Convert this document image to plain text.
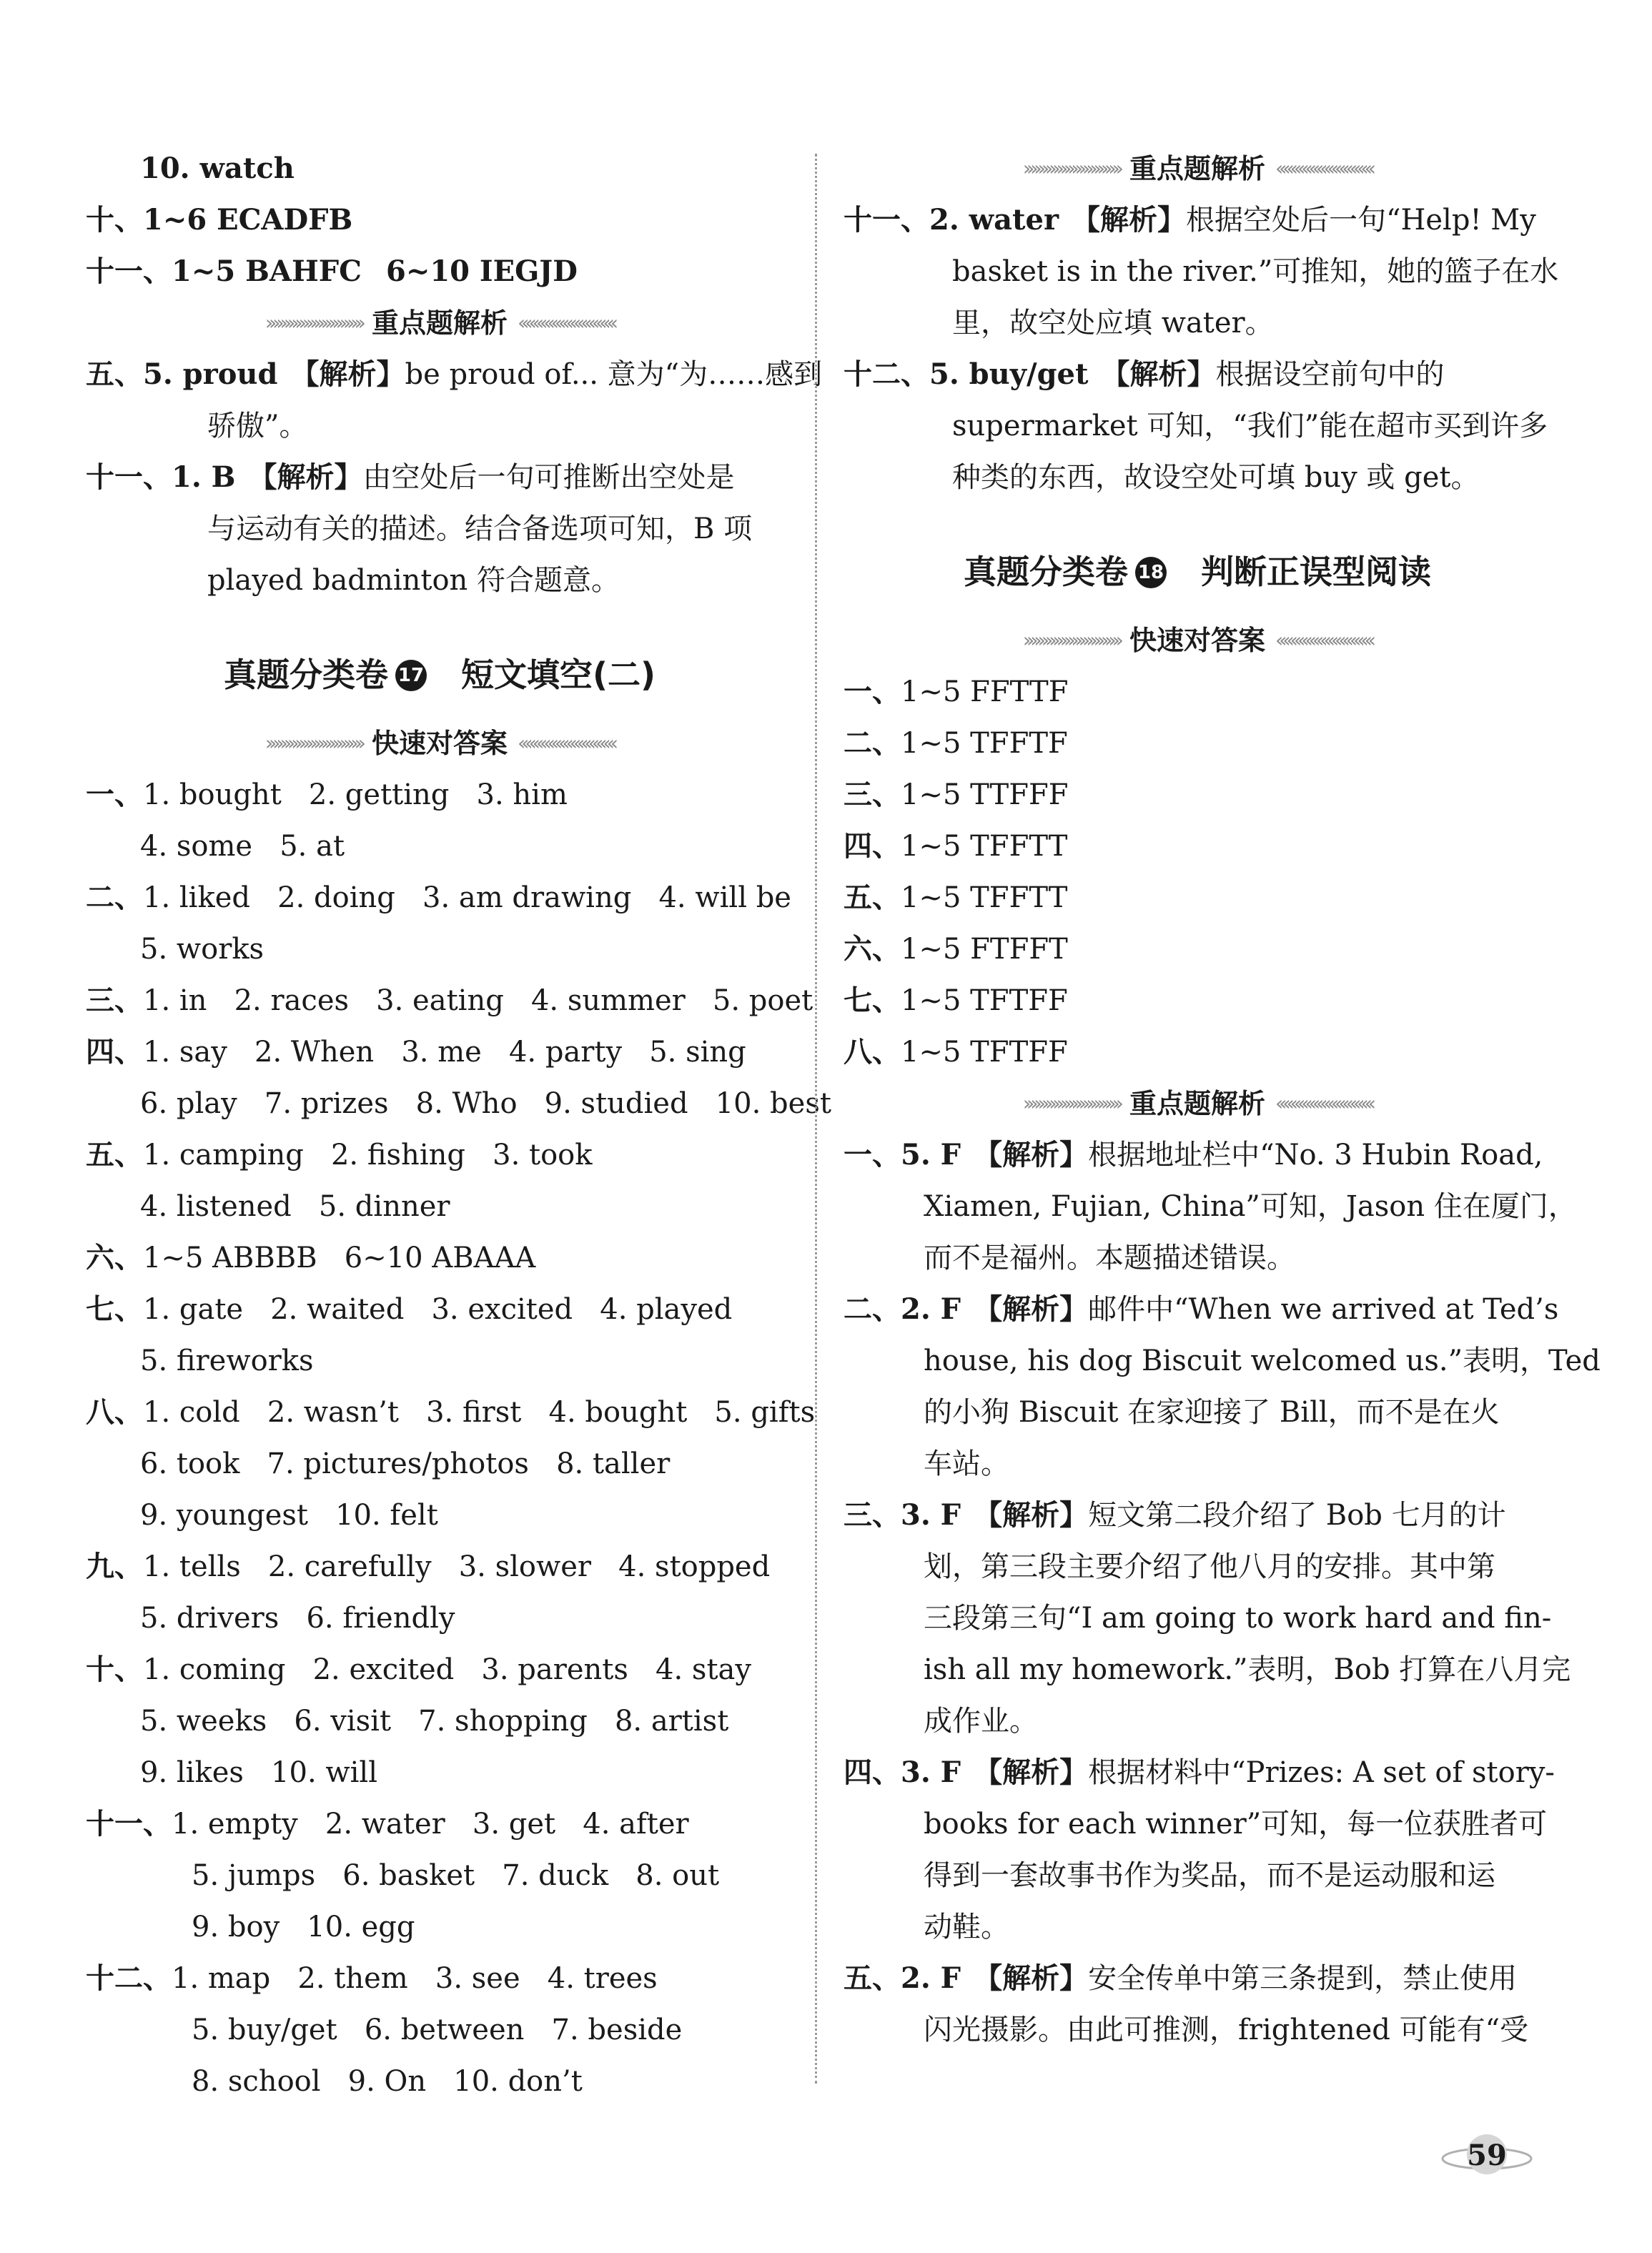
10. watch
十、1~6 ECADFB
十一、1~5 BAHFC 6~10 IEGJD
›››››››››››››››››››››››››› 重点题解析 ‹‹‹‹‹‹‹‹‹‹‹‹‹‹‹‹‹‹‹‹‹‹‹‹‹‹
五、5. proud 【解析】be proud of... 意为“为……感到
骄傲”。
十一、1. B 【解析】由空处后一句可推断出空处是
与运动有关的描述。结合备选项可知，B 项
played badminton 符合题意。
真题分类卷 17 短文填空(二)
›››››››››››››››››››››››››› 快速对答案 ‹‹‹‹‹‹‹‹‹‹‹‹‹‹‹‹‹‹‹‹‹‹‹‹‹‹
一、1. bought   2. getting   3. him
4. some   5. at
二、1. liked   2. doing   3. am drawing   4. will be
5. works
三、1. in   2. races   3. eating   4. summer   5. poet
四、1. say   2. When   3. me   4. party   5. sing
6. play   7. prizes   8. Who   9. studied   10. best
五、1. camping   2. fishing   3. took
4. listened   5. dinner
六、1~5 ABBBB   6~10 ABAAA
七、1. gate   2. waited   3. excited   4. played
5. fireworks
八、1. cold   2. wasn’t   3. first   4. bought   5. gifts
6. took   7. pictures/photos   8. taller
9. youngest   10. felt
九、1. tells   2. carefully   3. slower   4. stopped
5. drivers   6. friendly
十、1. coming   2. excited   3. parents   4. stay
5. weeks   6. visit   7. shopping   8. artist
9. likes   10. will
十一、1. empty   2. water   3. get   4. after
5. jumps   6. basket   7. duck   8. out
9. boy   10. egg
十二、1. map   2. them   3. see   4. trees
5. buy/get   6. between   7. beside
8. school   9. On   10. don’t
›››››››››››››››››››››››››› 重点题解析 ‹‹‹‹‹‹‹‹‹‹‹‹‹‹‹‹‹‹‹‹‹‹‹‹‹‹
十一、2. water 【解析】根据空处后一句“Help! My
basket is in the river.”可推知，她的篮子在水
里，故空处应填 water。
十二、5. buy/get 【解析】根据设空前句中的
supermarket 可知，“我们”能在超市买到许多
种类的东西，故设空处可填 buy 或 get。
真题分类卷 18 判断正误型阅读
›››››››››››››››››››››››››› 快速对答案 ‹‹‹‹‹‹‹‹‹‹‹‹‹‹‹‹‹‹‹‹‹‹‹‹‹‹
一、1~5 FFTTF
二、1~5 TFFTF
三、1~5 TTFFF
四、1~5 TFFTT
五、1~5 TFFTT
六、1~5 FTFFT
七、1~5 TFTFF
八、1~5 TFTFF
›››››››››››››››››››››››››› 重点题解析 ‹‹‹‹‹‹‹‹‹‹‹‹‹‹‹‹‹‹‹‹‹‹‹‹‹‹
一、5. F 【解析】根据地址栏中“No. 3 Hubin Road,
Xiamen, Fujian, China”可知，Jason 住在厦门，
而不是福州。本题描述错误。
二、2. F 【解析】邮件中“When we arrived at Ted’s
house, his dog Biscuit welcomed us.”表明，Ted
的小狗 Biscuit 在家迎接了 Bill，而不是在火
车站。
三、3. F 【解析】短文第二段介绍了 Bob 七月的计
划，第三段主要介绍了他八月的安排。其中第
三段第三句“I am going to work hard and fin-
ish all my homework.”表明，Bob 打算在八月完
成作业。
四、3. F 【解析】根据材料中“Prizes: A set of story-
books for each winner”可知，每一位获胜者可
得到一套故事书作为奖品，而不是运动服和运
动鞋。
五、2. F 【解析】安全传单中第三条提到，禁止使用
闪光摄影。由此可推测，frightened 可能有“受
59
